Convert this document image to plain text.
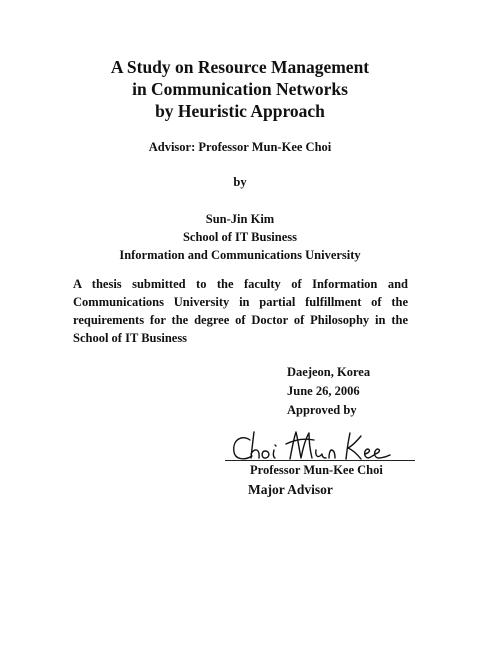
A Study on Resource Management
in Communication Networks
by Heuristic Approach
Advisor: Professor Mun-Kee Choi
by
Sun-Jin Kim
School of IT Business
Information and Communications University
A thesis submitted to the faculty of Information and Communications University in partial fulfillment of the requirements for the degree of Doctor of Philosophy in the School of IT Business
Daejeon, Korea
June 26, 2006
Approved by
Professor Mun-Kee Choi
Major Advisor
